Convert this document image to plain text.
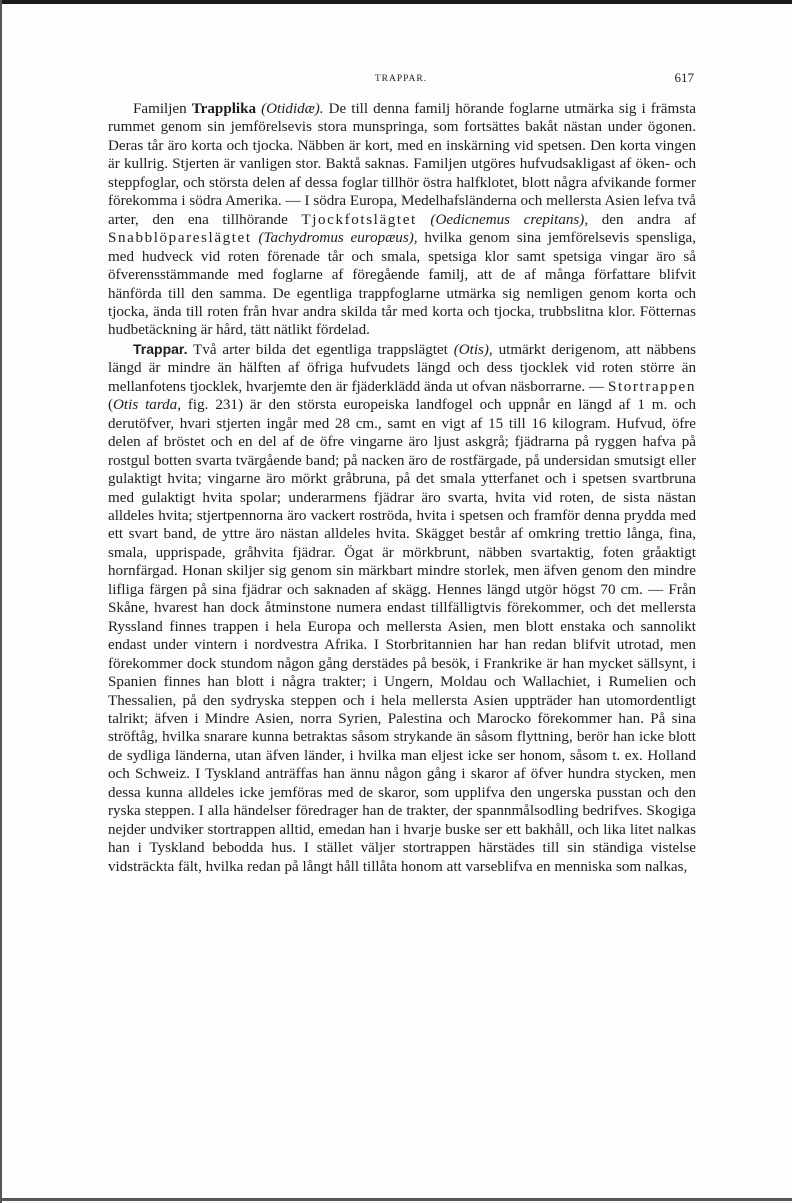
TRAPPAR.	617

Familjen Trapplika (Otididæ). De till denna familj hörande foglarne utmärka sig i främsta rummet genom sin jemförelsevis stora munspringa, som fortsättes bakåt nästan under ögonen. Deras tår äro korta och tjocka. Näbben är kort, med en inskärning vid spetsen. Den korta vingen är kullrig. Stjerten är vanligen stor. Baktå saknas. Familjen utgöres hufvudsakligast af öken- och steppfoglar, och största delen af dessa foglar tillhör östra halfklotet, blott några afvikande former förekomma i södra Amerika. — I södra Europa, Medelhafsländerna och mellersta Asien lefva två arter, den ena tillhörande Tjockfotslägtet (Oedicnemus crepitans), den andra af Snabblöpareslägtet (Tachydromus europæus), hvilka genom sina jemförelsevis spensliga, med hudveck vid roten förenade tår och smala, spetsiga klor samt spetsiga vingar äro så öfverensstämmande med foglarne af föregående familj, att de af många författare blifvit hänförda till den samma. De egentliga trappfoglarne utmärka sig nemligen genom korta och tjocka, ända till roten från hvar andra skilda tår med korta och tjocka, trubbslitna klor. Fötternas hudbetäckning är hård, tätt nätlikt fördelad.

Trappar. Två arter bilda det egentliga trappslägtet (Otis), utmärkt derigenom, att näbbens längd är mindre än hälften af öfriga hufvudets längd och dess tjocklek vid roten större än mellanfotens tjocklek, hvarjemte den är fjäderklädd ända ut ofvan näsborrarne. — Stortrappen (Otis tarda, fig. 231) är den största europeiska landfogel och uppnår en längd af 1 m. och derutöfver, hvari stjerten ingår med 28 cm., samt en vigt af 15 till 16 kilogram. Hufvud, öfre delen af bröstet och en del af de öfre vingarne äro ljust askgrå; fjädrarna på ryggen hafva på rostgul botten svarta tvärgående band; på nacken äro de rostfärgade, på undersidan smutsigt eller gulaktigt hvita; vingarne äro mörkt gråbruna, på det smala ytterfanet och i spetsen svartbruna med gulaktigt hvita spolar; underarmens fjädrar äro svarta, hvita vid roten, de sista nästan alldeles hvita; stjertpennorna äro vackert roströda, hvita i spetsen och framför denna prydda med ett svart band, de yttre äro nästan alldeles hvita. Skägget består af omkring trettio långa, fina, smala, upprispade, gråhvita fjädrar. Ögat är mörkbrunt, näbben svartaktig, foten gråaktigt hornfärgad. Honan skiljer sig genom sin märkbart mindre storlek, men äfven genom den mindre lifliga färgen på sina fjädrar och saknaden af skägg. Hennes längd utgör högst 70 cm. — Från Skåne, hvarest han dock åtminstone numera endast tillfälligtvis förekommer, och det mellersta Ryssland finnes trappen i hela Europa och mellersta Asien, men blott enstaka och sannolikt endast under vintern i nordvestra Afrika. I Storbritannien har han redan blifvit utrotad, men förekommer dock stundom någon gång derstädes på besök, i Frankrike är han mycket sällsynt, i Spanien finnes han blott i några trakter; i Ungern, Moldau och Wallachiet, i Rumelien och Thessalien, på den sydryska steppen och i hela mellersta Asien uppträder han utomordentligt talrikt; äfven i Mindre Asien, norra Syrien, Palestina och Marocko förekommer han. På sina ströftåg, hvilka snarare kunna betraktas såsom strykande än såsom flyttning, berör han icke blott de sydliga länderna, utan äfven länder, i hvilka man eljest icke ser honom, såsom t. ex. Holland och Schweiz. I Tyskland anträffas han ännu någon gång i skaror af öfver hundra stycken, men dessa kunna alldeles icke jemföras med de skaror, som upplifva den ungerska pusstan och den ryska steppen. I alla händelser föredrager han de trakter, der spannmålsodling bedrifves. Skogiga nejder undviker stortrappen alltid, emedan han i hvarje buske ser ett bakhåll, och lika litet nalkas han i Tyskland bebodda hus. I stället väljer stortrappen härstädes till sin ständiga vistelse vidsträckta fält, hvilka redan på långt håll tillåta honom att varseblifva en menniska som nalkas,
